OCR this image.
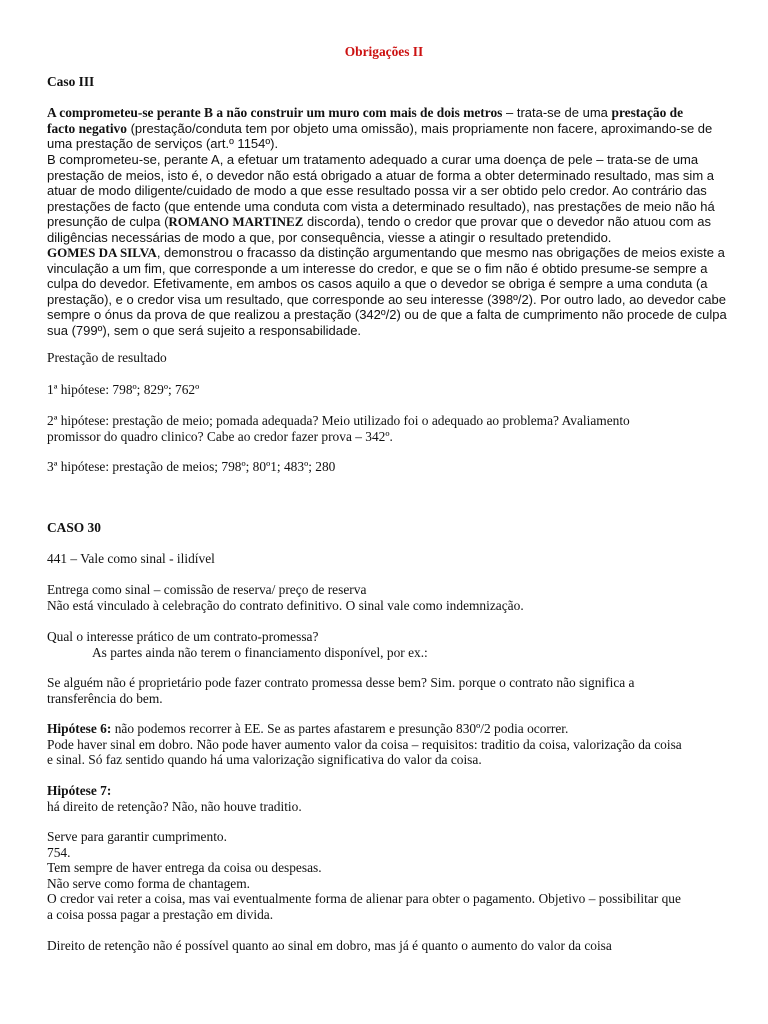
Obrigações II
Caso III
A comprometeu-se perante B a não construir um muro com mais de dois metros – trata-se de uma prestação de
facto negativo (prestação/conduta tem por objeto uma omissão), mais propriamente non facere, aproximando-se de
uma prestação de serviços (art.º 1154º).
B comprometeu-se, perante A, a efetuar um tratamento adequado a curar uma doença de pele – trata-se de uma
prestação de meios, isto é, o devedor não está obrigado a atuar de forma a obter determinado resultado, mas sim a
atuar de modo diligente/cuidado de modo a que esse resultado possa vir a ser obtido pelo credor. Ao contrário das
prestações de facto (que entende uma conduta com vista a determinado resultado), nas prestações de meio não há
presunção de culpa (ROMANO MARTINEZ discorda), tendo o credor que provar que o devedor não atuou com as
diligências necessárias de modo a que, por consequência, viesse a atingir o resultado pretendido.
GOMES DA SILVA, demonstrou o fracasso da distinção argumentando que mesmo nas obrigações de meios existe a
vinculação a um fim, que corresponde a um interesse do credor, e que se o fim não é obtido presume-se sempre a
culpa do devedor. Efetivamente, em ambos os casos aquilo a que o devedor se obriga é sempre a uma conduta (a
prestação), e o credor visa um resultado, que corresponde ao seu interesse (398º/2). Por outro lado, ao devedor cabe
sempre o ónus da prova de que realizou a prestação (342º/2) ou de que a falta de cumprimento não procede de culpa
sua (799º), sem o que será sujeito a responsabilidade.
Prestação de resultado
1ª hipótese: 798º; 829º; 762º
2ª hipótese: prestação de meio; pomada adequada? Meio utilizado foi o adequado ao problema? Avaliamento
promissor do quadro clinico? Cabe ao credor fazer prova – 342º.
3ª hipótese: prestação de meios; 798º; 80º1; 483º; 280
CASO 30
441 – Vale como sinal - ilidível
Entrega como sinal – comissão de reserva/ preço de reserva
Não está vinculado à celebração do contrato definitivo. O sinal vale como indemnização.
Qual o interesse prático de um contrato-promessa?
As partes ainda não terem o financiamento disponível, por ex.:
Se alguém não é proprietário pode fazer contrato promessa desse bem? Sim. porque o contrato não significa a
transferência do bem.
Hipótese 6: não podemos recorrer à EE. Se as partes afastarem e presunção 830º/2 podia ocorrer.
Pode haver sinal em dobro. Não pode haver aumento valor da coisa – requisitos: traditio da coisa, valorização da coisa
e sinal. Só faz sentido quando há uma valorização significativa do valor da coisa.
Hipótese 7:
há direito de retenção? Não, não houve traditio.
Serve para garantir cumprimento.
754.
Tem sempre de haver entrega da coisa ou despesas.
Não serve como forma de chantagem.
O credor vai reter a coisa, mas vai eventualmente forma de alienar para obter o pagamento. Objetivo – possibilitar que
a coisa possa pagar a prestação em divida.
Direito de retenção não é possível quanto ao sinal em dobro, mas já é quanto o aumento do valor da coisa
